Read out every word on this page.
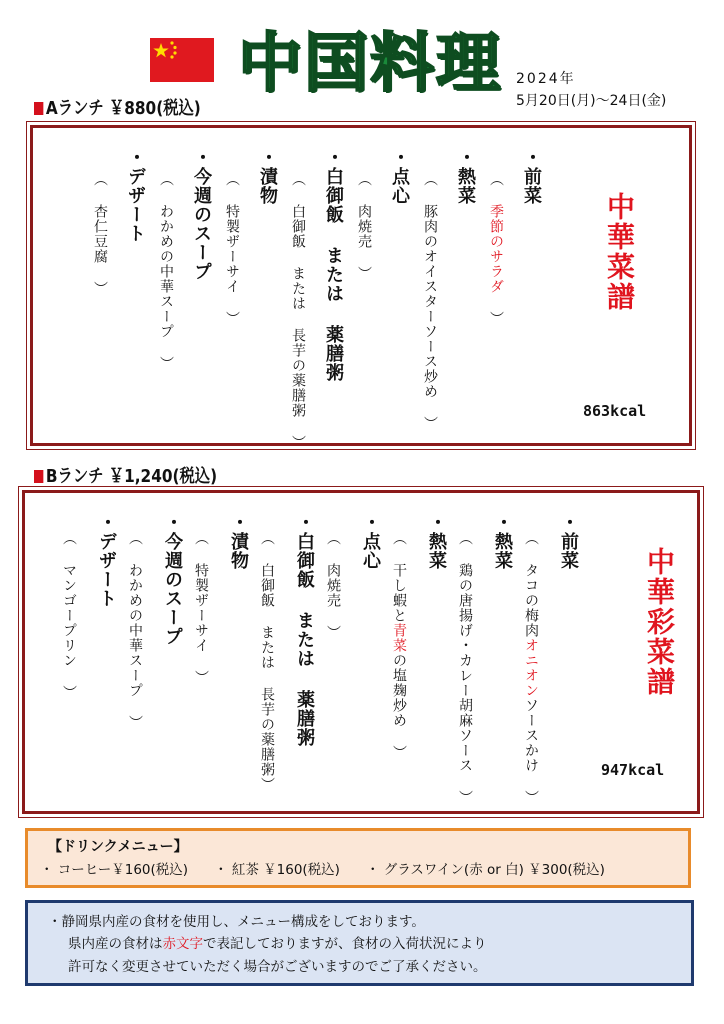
中国料理 2024年
5月20日(月)〜24日(金)
Aランチ ￥880(税込)
中華菜譜
863kcal
・前菜
（ 季節のサラダ ）
・熱菜
（ 豚肉のオイスターソース炒め ）
・点心
（ 肉焼売 ）
・白御飯 または 薬膳粥
（ 白御飯 または 長芋の薬膳粥 ）
・漬物
（ 特製ザーサイ ）
・今週のスープ
（ わかめの中華スープ ）
・デザート
（ 杏仁豆腐 ）
Bランチ ￥1,240(税込)
中華彩菜譜
947kcal
・前菜
（ タコの梅肉オニオンソースかけ ）
・熱菜
（ 鶏の唐揚げ・カレー胡麻ソース ）
・熱菜
（ 干し蝦と青菜の塩麹炒め ）
・点心
（ 肉焼売 ）
・白御飯 または 薬膳粥
（ 白御飯 または 長芋の薬膳粥）
・漬物
（ 特製ザーサイ ）
・今週のスープ
（ わかめの中華スープ ）
・デザート
（ マンゴープリン ）
【ドリンクメニュー】
・ コーヒー￥160(税込) ・ 紅茶 ￥160(税込) ・ グラスワイン(赤 or 白) ￥300(税込)
・静岡県内産の食材を使用し、メニュー構成をしております。
県内産の食材は赤文字で表記しておりますが、食材の入荷状況により
許可なく変更させていただく場合がございますのでご了承ください。
